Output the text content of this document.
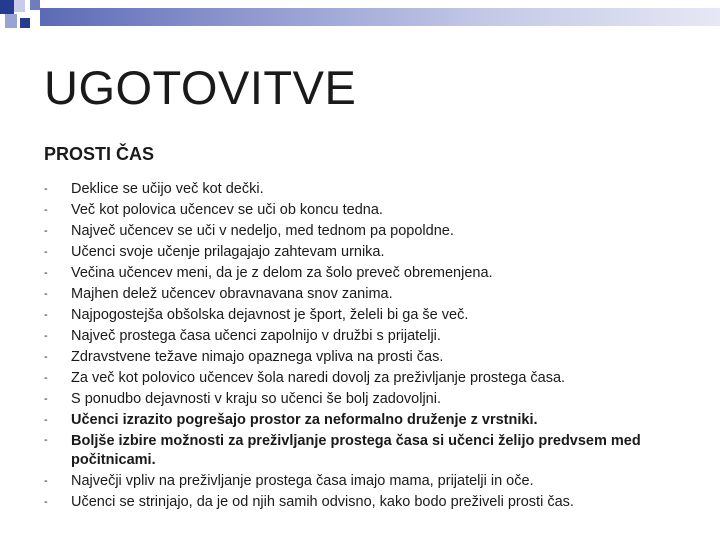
UGOTOVITVE
PROSTI ČAS
-	Deklice se učijo več kot dečki.
-	Več kot polovica učencev se uči ob koncu tedna.
-	Največ učencev se uči v nedeljo, med tednom pa popoldne.
-	Učenci svoje učenje prilagajajo zahtevam urnika.
-	Večina učencev meni, da je z delom za šolo preveč obremenjena.
-	Majhen delež učencev obravnavana snov zanima.
-	Najpogostejša obšolska dejavnost je šport, želeli bi ga še več.
-	Največ prostega časa učenci zapolnijo v družbi s prijatelji.
-	Zdravstvene težave nimajo opaznega vpliva na prosti čas.
-	Za več kot polovico učencev šola naredi dovolj za preživljanje prostega časa.
-	S ponudbo dejavnosti v kraju so učenci še bolj zadovoljni.
-	Učenci izrazito pogrešajo prostor za neformalno druženje z vrstniki.
-	Boljše izbire možnosti za preživljanje prostega časa si učenci želijo predvsem med počitnicami.
-	Največji vpliv na preživljanje prostega časa imajo mama, prijatelji in oče.
-	Učenci se strinjajo, da je od njih samih odvisno, kako bodo preživeli prosti čas.
